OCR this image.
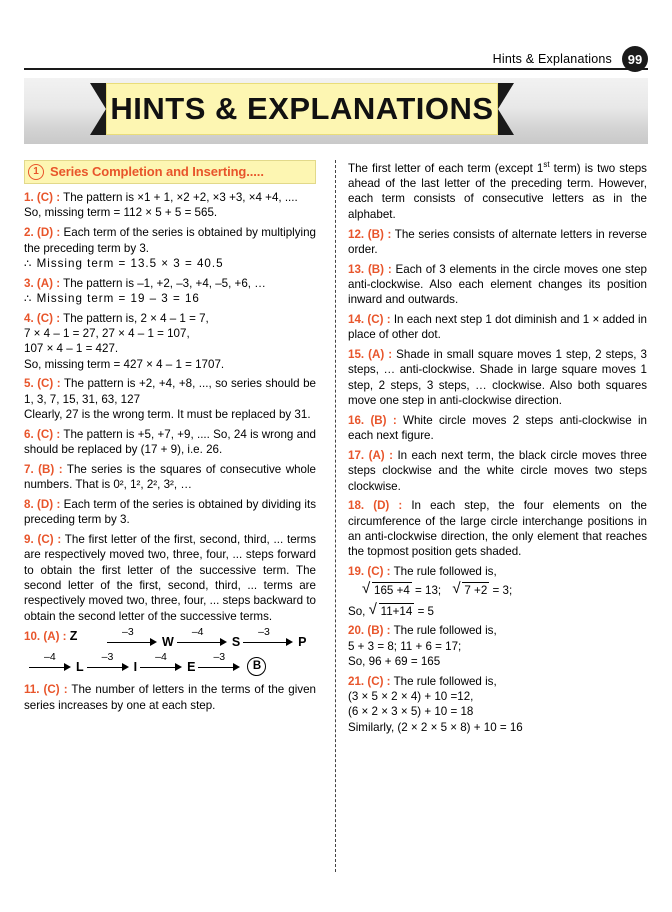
Hints & Explanations	99
HINTS & EXPLANATIONS
1 Series Completion and Inserting.....
1. (C) : The pattern is ×1 + 1, ×2 +2, ×3 +3, ×4 +4, ....
So, missing term = 112 × 5 + 5 = 565.
2. (D) : Each term of the series is obtained by multiplying the preceding term by 3.
∴ Missing term = 13.5 × 3 = 40.5
3. (A) : The pattern is –1, +2, –3, +4, –5, +6, …
∴ Missing term = 19 – 3 = 16
4. (C) : The pattern is, 2 × 4 – 1 = 7,
7 × 4 – 1 = 27, 27 × 4 – 1 = 107,
107 × 4 – 1 = 427.
So, missing term = 427 × 4 – 1 = 1707.
5. (C) : The pattern is +2, +4, +8, ..., so series should be 1, 3, 7, 15, 31, 63, 127
Clearly, 27 is the wrong term. It must be replaced by 31.
6. (C) : The pattern is +5, +7, +9, .... So, 24 is wrong and should be replaced by (17 + 9), i.e. 26.
7. (B) : The series is the squares of consecutive whole numbers. That is 0², 1², 2², 3², …
8. (D) : Each term of the series is obtained by dividing its preceding term by 3.
9. (C) : The first letter of the first, second, third, ... terms are respectively moved two, three, four, ... steps forward to obtain the first letter of the successive term. The second letter of the first, second, third, ... terms are respectively moved two, three, four, ... steps backward to obtain the second letter of the successive terms.
10. (A) : Z	–3
W
–4
S
–3
P
–4
L
–3
I
–4
E
–3
B
11. (C) : The number of letters in the terms of the given series increases by one at each step.
The first letter of each term (except 1st term) is two steps ahead of the last letter of the preceding term. However, each term consists of consecutive letters as in the alphabet.
12. (B) : The series consists of alternate letters in reverse order.
13. (B) : Each of 3 elements in the circle moves one step anti-clockwise. Also each element changes its position inward and outwards.
14. (C) : In each next step 1 dot diminish and 1 × added in place of other dot.
15. (A) : Shade in small square moves 1 step, 2 steps, 3 steps, … anti-clockwise. Shade in large square moves 1 step, 2 steps, 3 steps, … clockwise. Also both squares move one step in anti-clockwise direction.
16. (B) : White circle moves 2 steps anti-clockwise in each next figure.
17. (A) : In each next term, the black circle moves three steps clockwise and the white circle moves two steps clockwise.
18. (D) : In each step, the four elements on the circumference of the large circle interchange positions in an anti-clockwise direction, the only element that reaches the topmost position gets shaded.
19. (C) : The rule followed is,
√ 165 +4 = 13; √ 7 +2 = 3;
So, √ 11+14 = 5
20. (B) : The rule followed is,
5 + 3 = 8; 11 + 6 = 17;
So, 96 + 69 = 165
21. (C) : The rule followed is,
(3 × 5 × 2 × 4) + 10 =12,
(6 × 2 × 3 × 5) + 10 = 18
Similarly, (2 × 2 × 5 × 8) + 10 = 16
